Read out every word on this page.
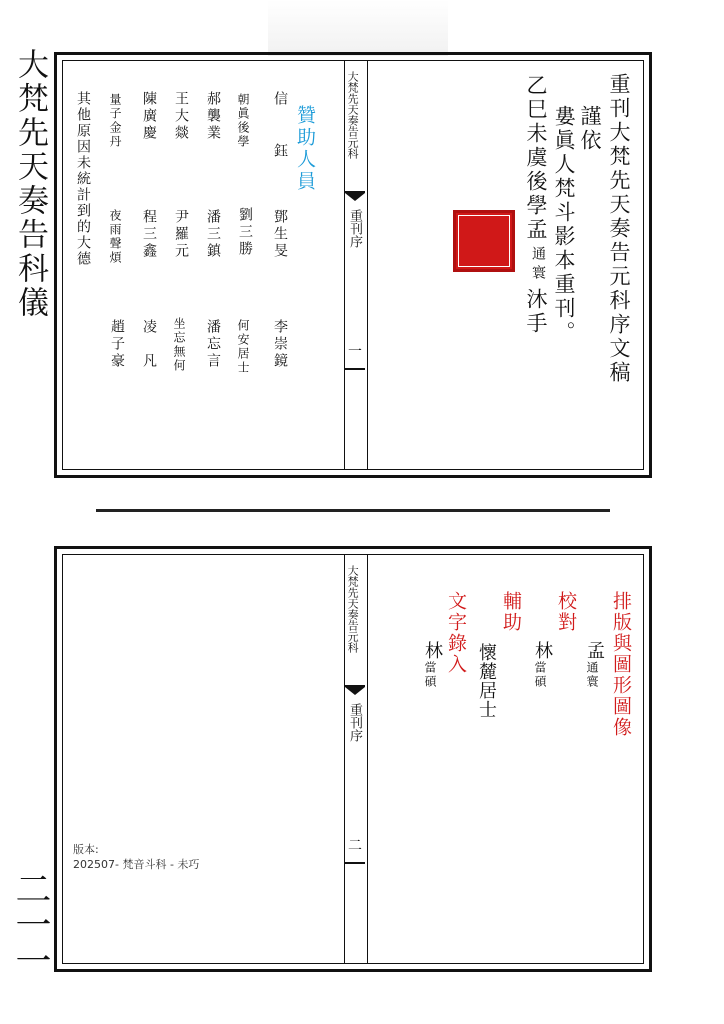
大梵先天奏告科儀
二一一
大梵先天奏告元科
重刊序
一	重刊大梵先天奏告元科序文稿
謹依
婁眞人梵斗影本重刊。
乙巳未虞後學孟
通寰
沐手
贊助人員
信　鈺
鄧生旻
李崇鏡
朝眞後學
劉三勝
何安居士
郝襲業
潘三鎮
潘忘言
王大燚
尹羅元
坐忘無何
陳廣慶
程三鑫
凌　凡
量子金丹
夜雨聲煩
趙子豪
其他原因未統計到的大德
大梵先天奏告元科
重刊序
二
排版與圖形圖像
孟
通寰
校對
林
當碩
輔助
懷麓居士
文字錄入
林
當碩
版本:
202507- 梵音斗科 - 未巧
